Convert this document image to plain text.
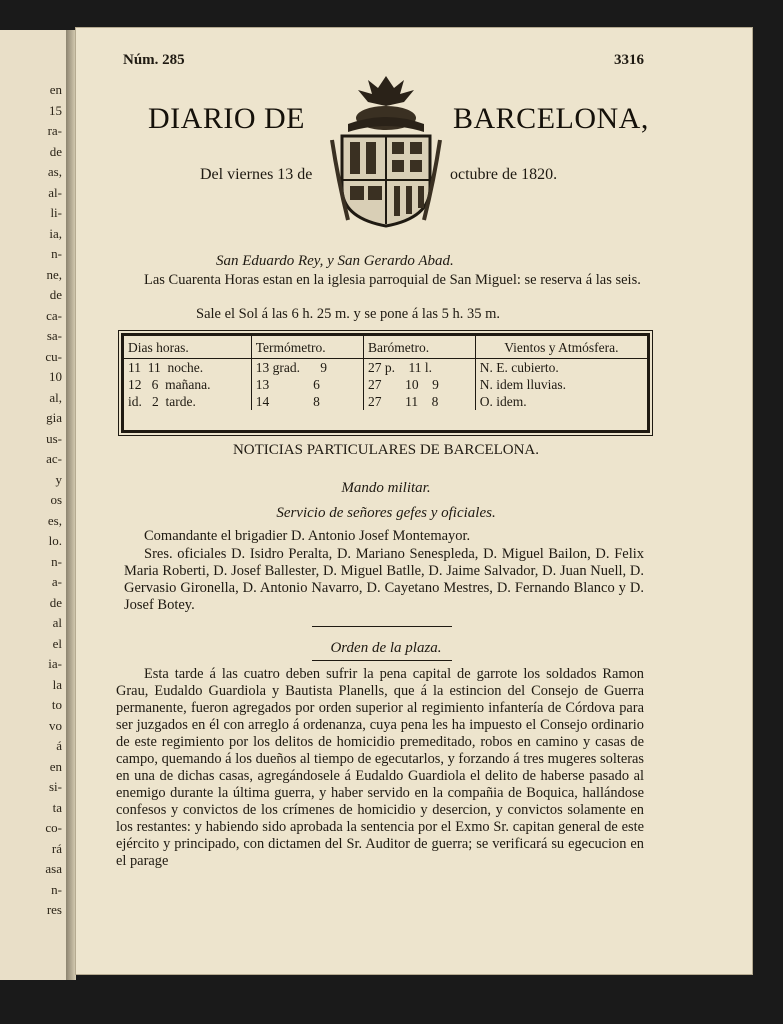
en
15
ra-
de
as,
al-
li-
ia,
n-
ne,
de
ca-
sa-
cu-
10
al,
gia
us-
ac-
y
os
es,
lo.
n-
a-
de
al
el
ia-
la
to
vo
á
en
si-
ta
co-
rá
asa
n-
res
Núm. 285	3316
DIARIO DE	BARCELONA,
Del viernes 13 de	octubre de 1820.
San Eduardo Rey, y San Gerardo Abad.
Las Cuarenta Horas estan en la iglesia parroquial de San Miguel: se reserva á las seis.
Sale el Sol á las 6 h. 25 m. y se pone á las 5 h. 35 m.
Dias horas.	Termómetro.	Barómetro.	Vientos y Atmósfera.
11  11  noche.	13 grad.      9	27 p.    11 l.	N. E. cubierto.
12   6  mañana.	13             6	27       10    9	N. idem lluvias.
id.   2  tarde.	14             8	27       11    8	O. idem.
NOTICIAS PARTICULARES DE BARCELONA.
Mando militar.
Servicio de señores gefes y oficiales.
Comandante el brigadier D. Antonio Josef Montemayor.
Sres. oficiales D. Isidro Peralta, D. Mariano Senespleda, D. Miguel Bailon, D. Felix Maria Roberti, D. Josef Ballester, D. Miguel Batlle, D. Jaime Salvador, D. Juan Nuell, D. Gervasio Gironella, D. Antonio Navarro, D. Cayetano Mestres, D. Fernando Blanco y D. Josef Botey.
Orden de la plaza.
Esta tarde á las cuatro deben sufrir la pena capital de garrote los soldados Ramon Grau, Eudaldo Guardiola y Bautista Planells, que á la estincion del Consejo de Guerra permanente, fueron agregados por orden superior al regimiento infantería de Córdova para ser juzgados en él con arreglo á ordenanza, cuya pena les ha impuesto el Consejo ordinario de este regimiento por los delitos de homicidio premeditado, robos en camino y casas de campo, quemando á los dueños al tiempo de egecutarlos, y forzando á tres mugeres solteras en una de dichas casas, agregándosele á Eudaldo Guardiola el delito de haberse pasado al enemigo durante la última guerra, y haber servido en la compañia de Boquica, hallándose confesos y convictos de los crímenes de homicidio y desercion, y convictos solamente en los restantes: y habiendo sido aprobada la sentencia por el Exmo Sr. capitan general de este ejército y principado, con dictamen del Sr. Auditor de guerra; se verificará su egecucion en el parage
